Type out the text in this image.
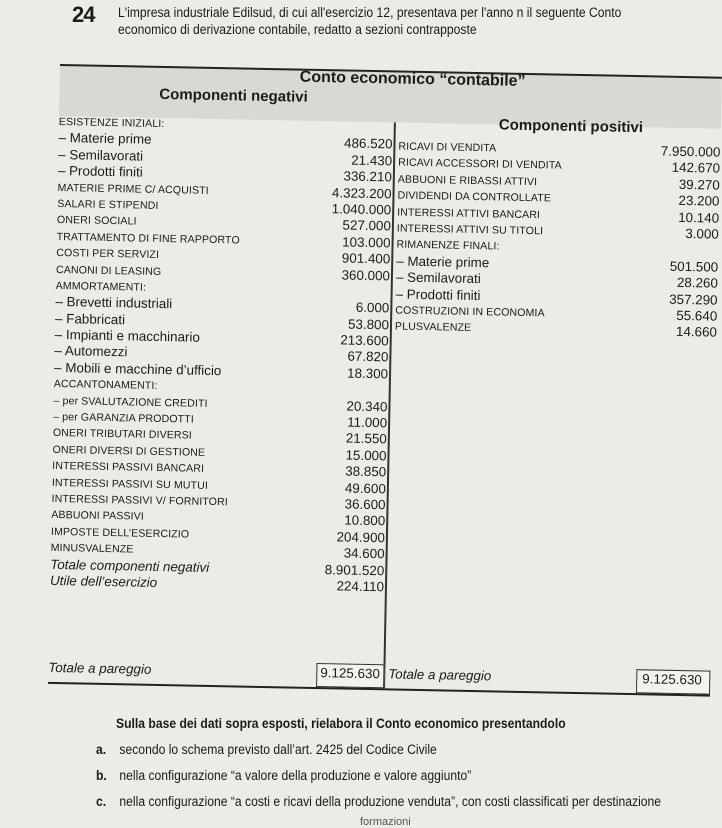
24 L'impresa industriale Edilsud, di cui all'esercizio 12, presentava per l'anno n il seguente Conto
economico di derivazione contabile, redatto a sezioni contrapposte
Conto economico “contabile”
Componenti negativi
Componenti positivi
ESISTENZE INIZIALI:
– Materie prime	486.520
– Semilavorati	21.430
– Prodotti finiti	336.210
MATERIE PRIME C/ ACQUISTI	4.323.200
SALARI E STIPENDI	1.040.000
ONERI SOCIALI	527.000
TRATTAMENTO DI FINE RAPPORTO	103.000
COSTI PER SERVIZI	901.400
CANONI DI LEASING	360.000
AMMORTAMENTI:
– Brevetti industriali	6.000
– Fabbricati	53.800
– Impianti e macchinario	213.600
– Automezzi	67.820
– Mobili e macchine d’ufficio	18.300
ACCANTONAMENTI:
– per SVALUTAZIONE CREDITI	20.340
– per GARANZIA PRODOTTI	11.000
ONERI TRIBUTARI DIVERSI	21.550
ONERI DIVERSI DI GESTIONE	15.000
INTERESSI PASSIVI BANCARI	38.850
INTERESSI PASSIVI SU MUTUI	49.600
INTERESSI PASSIVI V/ FORNITORI	36.600
ABBUONI PASSIVI	10.800
IMPOSTE DELL’ESERCIZIO	204.900
MINUSVALENZE	34.600
Totale componenti negativi	8.901.520
Utile dell’esercizio	224.110
RICAVI DI VENDITA	7.950.000
RICAVI ACCESSORI DI VENDITA	142.670
ABBUONI E RIBASSI ATTIVI	39.270
DIVIDENDI DA CONTROLLATE	23.200
INTERESSI ATTIVI BANCARI	10.140
INTERESSI ATTIVI SU TITOLI	3.000
RIMANENZE FINALI:
– Materie prime	501.500
– Semilavorati	28.260
– Prodotti finiti	357.290
COSTRUZIONI IN ECONOMIA	55.640
PLUSVALENZE	14.660
Totale a pareggio	9.125.630 Totale a pareggio	9.125.630
Sulla base dei dati sopra esposti, rielabora il Conto economico presentandolo
a. secondo lo schema previsto dall’art. 2425 del Codice Civile
b. nella configurazione “a valore della produzione e valore aggiunto”
c. nella configurazione “a costi e ricavi della produzione venduta”, con costi classificati per destinazione
formazioni
